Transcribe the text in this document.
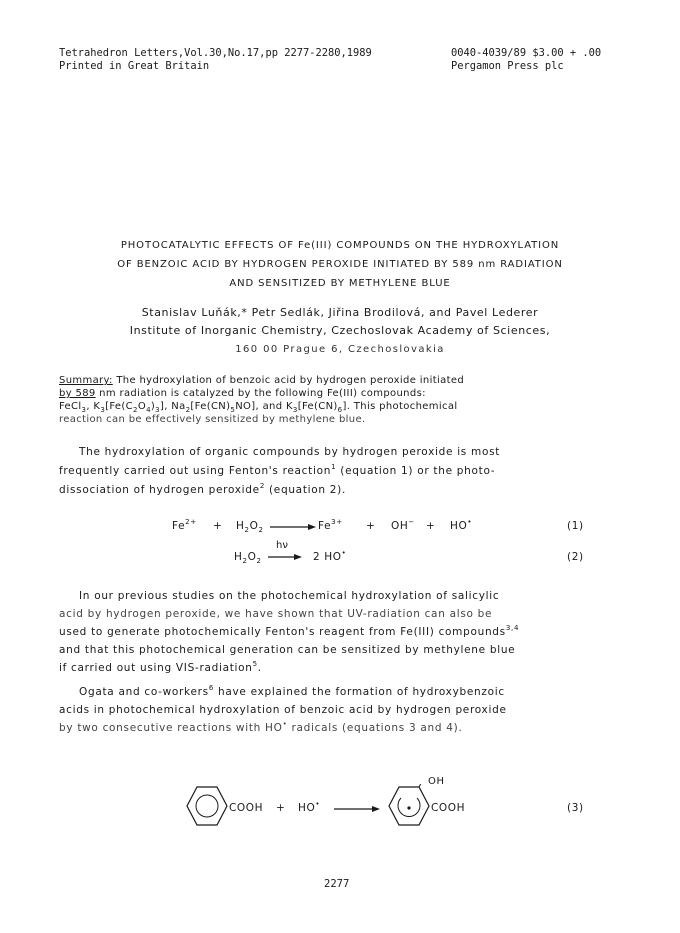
Tetrahedron Letters,Vol.30,No.17,pp 2277-2280,1989
Printed in Great Britain
0040-4039/89 $3.00 + .00
Pergamon Press plc
PHOTOCATALYTIC EFFECTS OF Fe(III) COMPOUNDS ON THE HYDROXYLATION
OF BENZOIC ACID BY HYDROGEN PEROXIDE INITIATED BY 589 nm RADIATION
AND SENSITIZED BY METHYLENE BLUE
Stanislav Luňák,* Petr Sedlák, Jiřina Brodilová, and Pavel Lederer
Institute of Inorganic Chemistry, Czechoslovak Academy of Sciences,
160 00 Prague 6, Czechoslovakia
Summary: The hydroxylation of benzoic acid by hydrogen peroxide initiated
by 589 nm radiation is catalyzed by the following Fe(III) compounds:
FeCl$_3$, $K_3[Fe(C_2O_4)_3]$, $Na_2[Fe(CN)_5NO]$, and $K_3[Fe(CN)_6]$. This photochemical
reaction can be effectively sensitized by methylene blue.
The hydroxylation of organic compounds by hydrogen peroxide is most
frequently carried out using Fenton's reaction$^1$ (equation 1) or the photo-
dissociation of hydrogen peroxide$^2$ (equation 2).
$Fe^{2+} + H_2O_2 \to Fe^{3+} + OH^- + HO^•$	(1)
$H_2O_2$
hν
2 HO•	(2)
In our previous studies on the photochemical hydroxylation of salicylic
acid by hydrogen peroxide, we have shown that UV-radiation can also be
used to generate photochemically Fenton's reagent from Fe(III) compounds$^{3,4}$
and that this photochemical generation can be sensitized by methylene blue
if carried out using VIS-radiation$^5$.
Ogata and co-workers$^6$ have explained the formation of hydroxybenzoic
acids in photochemical hydroxylation of benzoic acid by hydrogen peroxide
by two consecutive reactions with HO• radicals (equations 3 and 4).
COOH + HO• →
OH
COOH	(3)
2277
